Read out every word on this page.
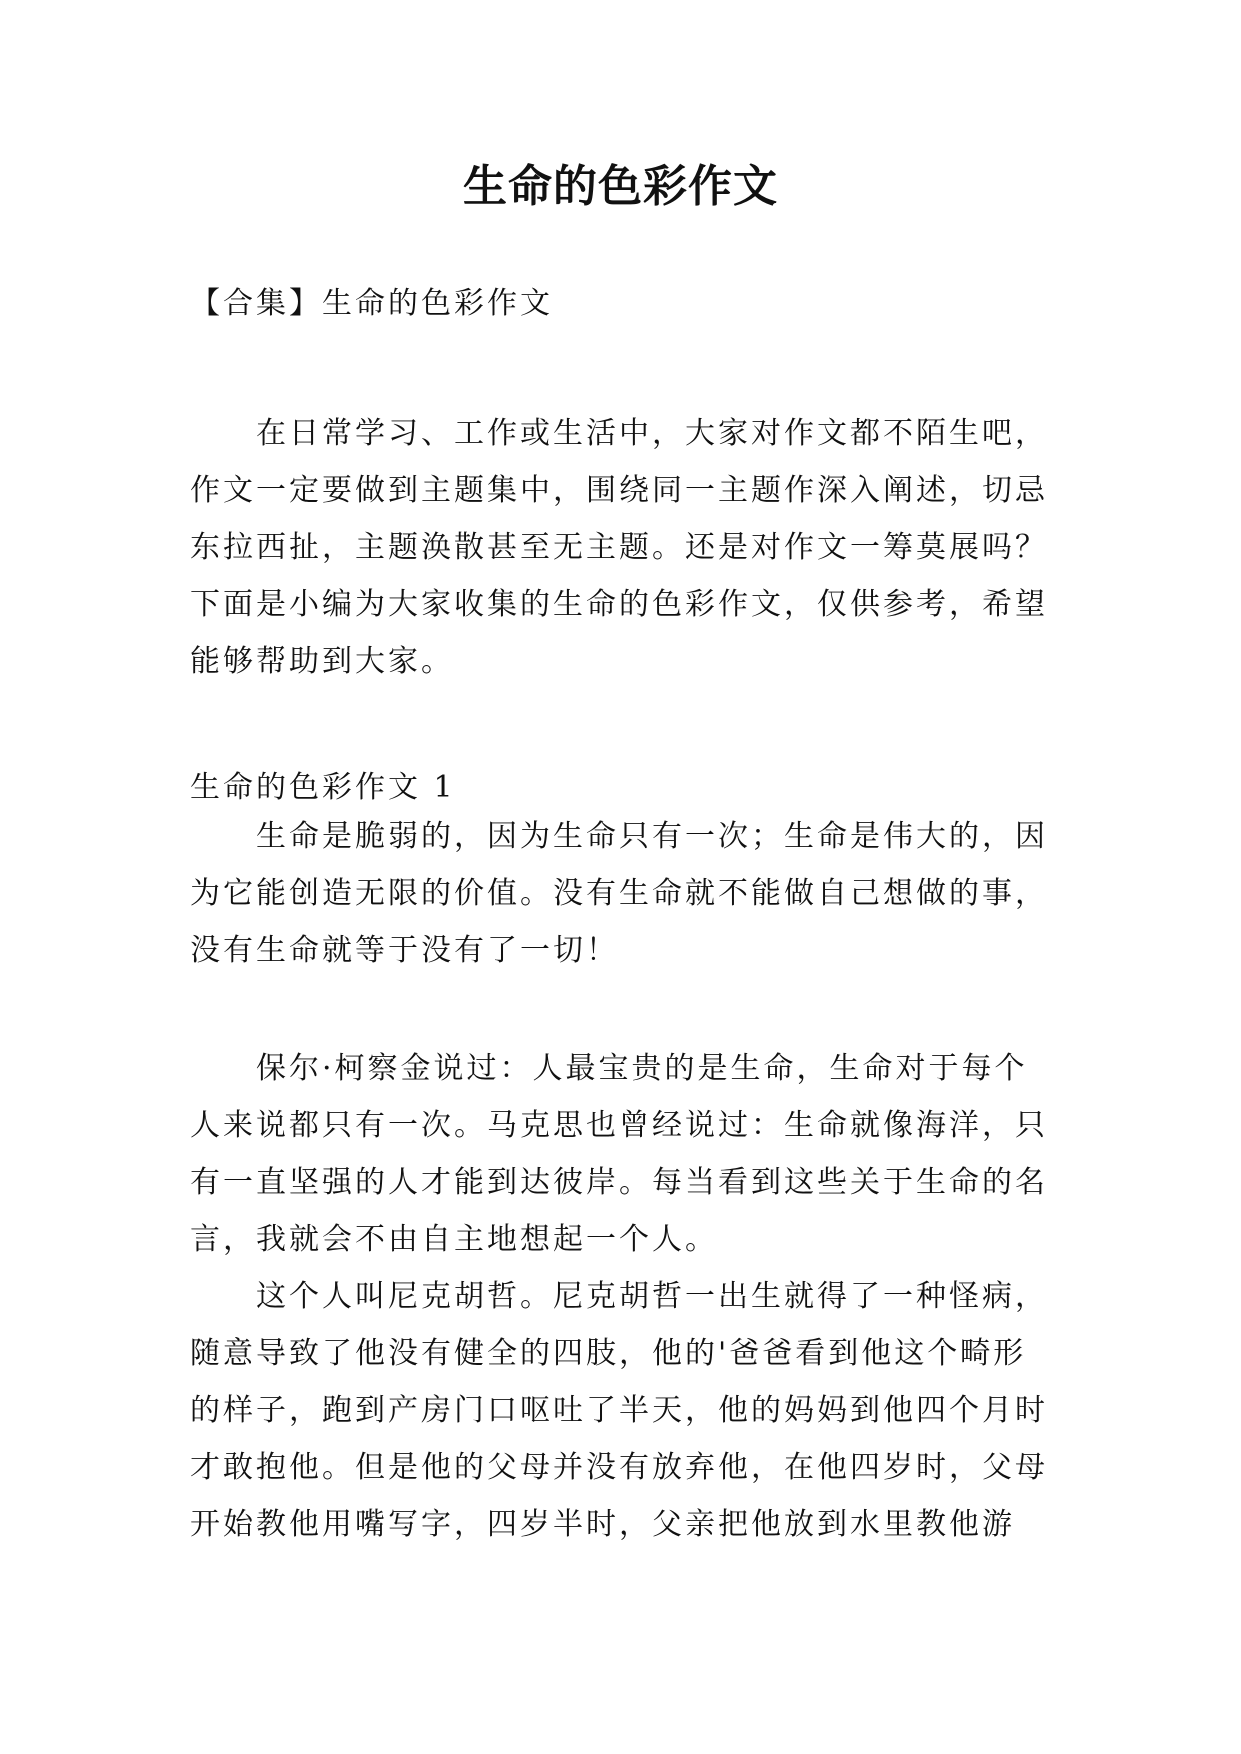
生命的色彩作文

【合集】生命的色彩作文

在日常学习、工作或生活中，大家对作文都不陌生吧，作文一定要做到主题集中，围绕同一主题作深入阐述，切忌东拉西扯，主题涣散甚至无主题。还是对作文一筹莫展吗？下面是小编为大家收集的生命的色彩作文，仅供参考，希望能够帮助到大家。

生命的色彩作文 1

生命是脆弱的，因为生命只有一次；生命是伟大的，因为它能创造无限的价值。没有生命就不能做自己想做的事，没有生命就等于没有了一切！

保尔·柯察金说过：人最宝贵的是生命，生命对于每个人来说都只有一次。马克思也曾经说过：生命就像海洋，只有一直坚强的人才能到达彼岸。每当看到这些关于生命的名言，我就会不由自主地想起一个人。

这个人叫尼克胡哲。尼克胡哲一出生就得了一种怪病，随意导致了他没有健全的四肢，他的'爸爸看到他这个畸形的样子，跑到产房门口呕吐了半天，他的妈妈到他四个月时才敢抱他。但是他的父母并没有放弃他，在他四岁时，父母开始教他用嘴写字，四岁半时，父亲把他放到水里教他游
